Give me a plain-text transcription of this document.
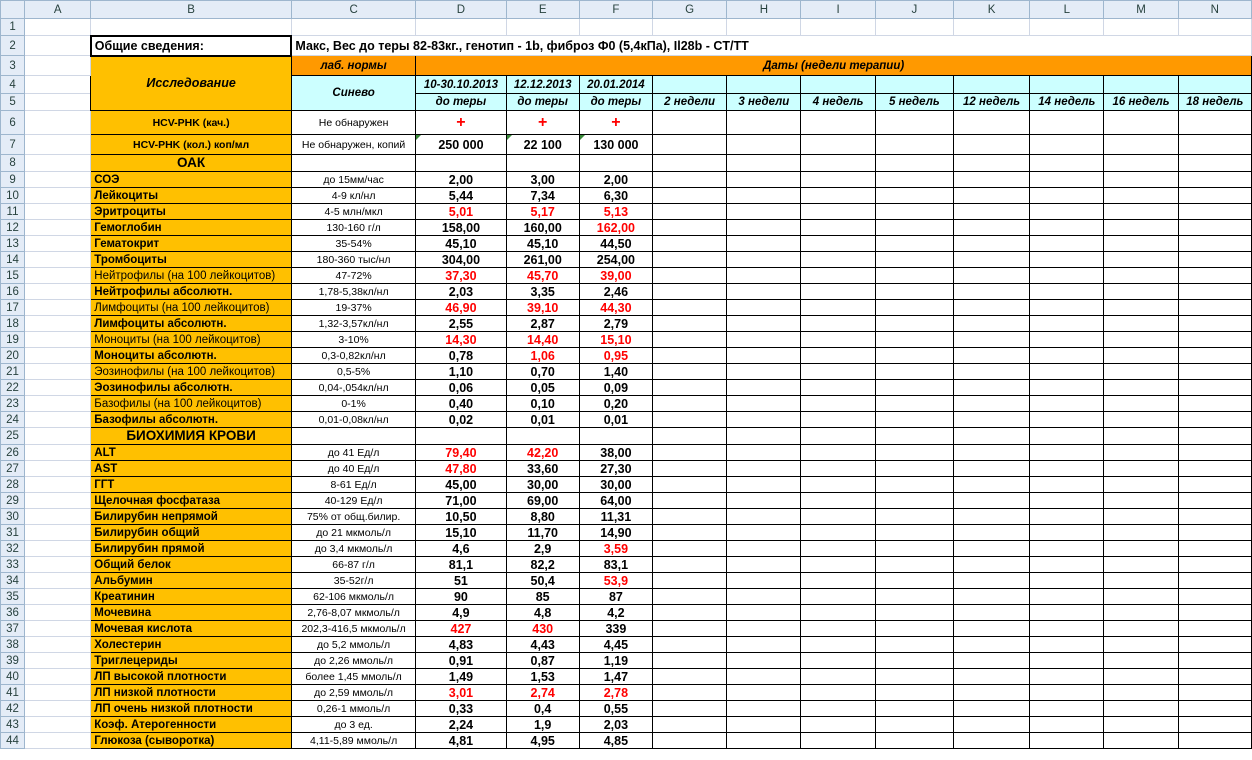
	A	B	C	D	E	F	G	H	I	J	K	L	M	N
1														
2		Общие сведения:	Макс, Вес до теры 82-83кг., генотип - 1b, фиброз Ф0 (5,4кПа), Il28b - CT/TT											
3		Исследование	лаб. нормы	Даты (недели терапии)										
4			Синево	10-30.10.2013	12.12.2013	20.01.2014								
5				до теры	до теры	до теры	2 недели	3 недели	4 недель	5 недель	12 недель	14 недель	16 недель	18 недель
6		HCV-PHK (кач.)	Не обнаружен	+	+	+								
7		HCV-PHK (кол.) коп/мл	Не обнаружен, копий	250 000	22 100	130 000								
8		ОАК												
9		СОЭ	до 15мм/час	2,00	3,00	2,00								
10		Лейкоциты	4-9 кл/нл	5,44	7,34	6,30								
11		Эритроциты	4-5 млн/мкл	5,01	5,17	5,13								
12		Гемоглобин	130-160 г/л	158,00	160,00	162,00								
13		Гематокрит	35-54%	45,10	45,10	44,50								
14		Тромбоциты	180-360 тыс/нл	304,00	261,00	254,00								
15		Нейтрофилы (на 100 лейкоцитов)	47-72%	37,30	45,70	39,00								
16		Нейтрофилы абсолютн.	1,78-5,38кл/нл	2,03	3,35	2,46								
17		Лимфоциты (на 100 лейкоцитов)	19-37%	46,90	39,10	44,30								
18		Лимфоциты абсолютн.	1,32-3,57кл/нл	2,55	2,87	2,79								
19		Моноциты (на 100 лейкоцитов)	3-10%	14,30	14,40	15,10								
20		Моноциты абсолютн.	0,3-0,82кл/нл	0,78	1,06	0,95								
21		Эозинофилы (на 100 лейкоцитов)	0,5-5%	1,10	0,70	1,40								
22		Эозинофилы абсолютн.	0,04-,054кл/нл	0,06	0,05	0,09								
23		Базофилы (на 100 лейкоцитов)	0-1%	0,40	0,10	0,20								
24		Базофилы абсолютн.	0,01-0,08кл/нл	0,02	0,01	0,01								
25		БИОХИМИЯ КРОВИ												
26		ALT	до 41 Ед/л	79,40	42,20	38,00								
27		AST	до 40 Ед/л	47,80	33,60	27,30								
28		ГГТ	8-61 Ед/л	45,00	30,00	30,00								
29		Щелочная фосфатаза	40-129 Ед/л	71,00	69,00	64,00								
30		Билирубин непрямой	75% от общ.билир.	10,50	8,80	11,31								
31		Билирубин общий	до 21 мкмоль/л	15,10	11,70	14,90								
32		Билирубин прямой	до 3,4 мкмоль/л	4,6	2,9	3,59								
33		Общий белок	66-87 г/л	81,1	82,2	83,1								
34		Альбумин	35-52г/л	51	50,4	53,9								
35		Креатинин	62-106 мкмоль/л	90	85	87								
36		Мочевина	2,76-8,07 мкмоль/л	4,9	4,8	4,2								
37		Мочевая кислота	202,3-416,5 мкмоль/л	427	430	339								
38		Холестерин	до 5,2 ммоль/л	4,83	4,43	4,45								
39		Триглецериды	до 2,26 ммоль/л	0,91	0,87	1,19								
40		ЛП высокой плотности	более 1,45 ммоль/л	1,49	1,53	1,47								
41		ЛП низкой плотности	до 2,59 ммоль/л	3,01	2,74	2,78								
42		ЛП очень низкой плотности	0,26-1 ммоль/л	0,33	0,4	0,55								
43		Коэф. Атерогенности	до 3 ед.	2,24	1,9	2,03								
44		Глюкоза (сыворотка)	4,11-5,89 ммоль/л	4,81	4,95	4,85								
